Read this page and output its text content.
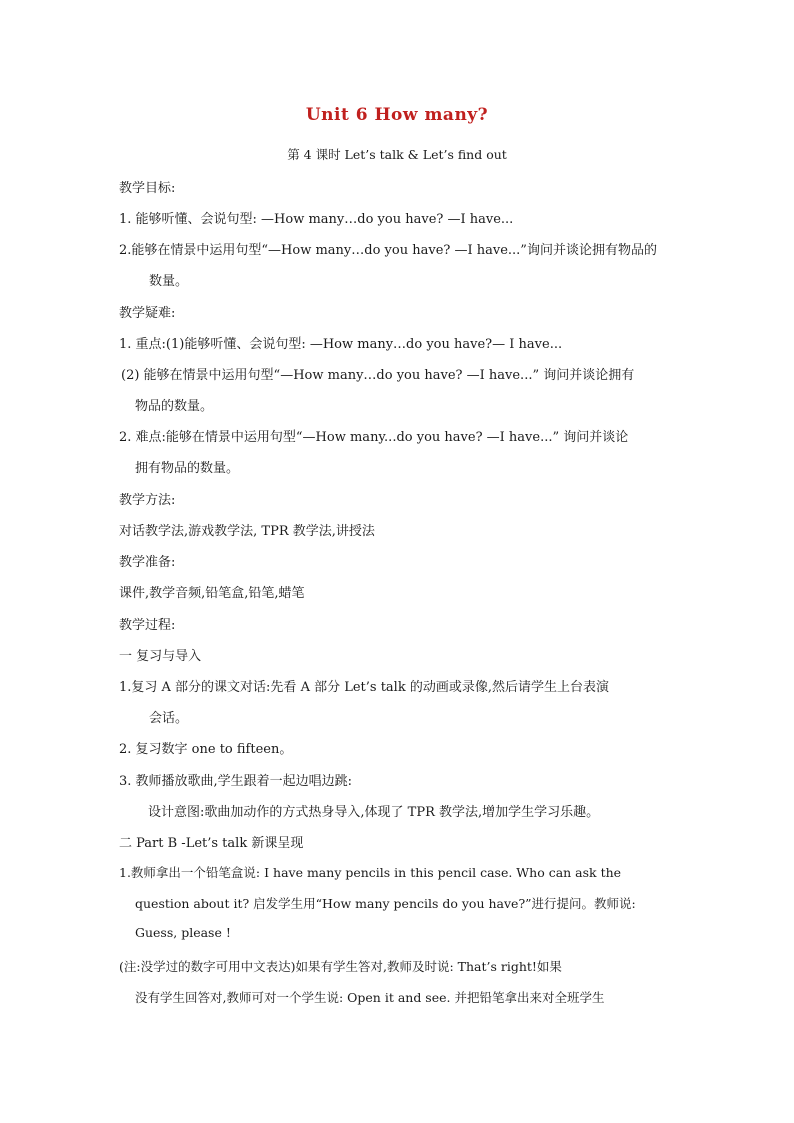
Unit 6 How many?
第 4 课时 Let’s talk & Let’s find out
教学目标:
1. 能够听懂、会说句型: —How many…do you have? —I have...
2.能够在情景中运用句型“—How many…do you have? —I have...”询问并谈论拥有物品的
数量。
教学疑难:
1. 重点:(1)能够听懂、会说句型: —How many…do you have?— I have...
(2) 能够在情景中运用句型“—How many…do you have? —I have...” 询问并谈论拥有
物品的数量。
2. 难点:能够在情景中运用句型“—How many...do you have? —I have...” 询问并谈论
拥有物品的数量。
教学方法:
对话教学法,游戏教学法, TPR 教学法,讲授法
教学准备:
课件,教学音频,铅笔盒,铅笔,蜡笔
教学过程:
一 复习与导入
1.复习 A 部分的课文对话:先看 A 部分 Let’s talk 的动画或录像,然后请学生上台表演
会话。
2. 复习数字 one to fifteen。
3. 教师播放歌曲,学生跟着一起边唱边跳:
设计意图:歌曲加动作的方式热身导入,体现了 TPR 教学法,增加学生学习乐趣。
二 Part B -Let’s talk 新课呈现
1.教师拿出一个铅笔盒说: I have many pencils in this pencil case. Who can ask the
question about it? 启发学生用“How many pencils do you have?”进行提问。教师说:
Guess, please !
(注:没学过的数字可用中文表达)如果有学生答对,教师及时说: That’s right!如果
没有学生回答对,教师可对一个学生说: Open it and see. 并把铅笔拿出来对全班学生
